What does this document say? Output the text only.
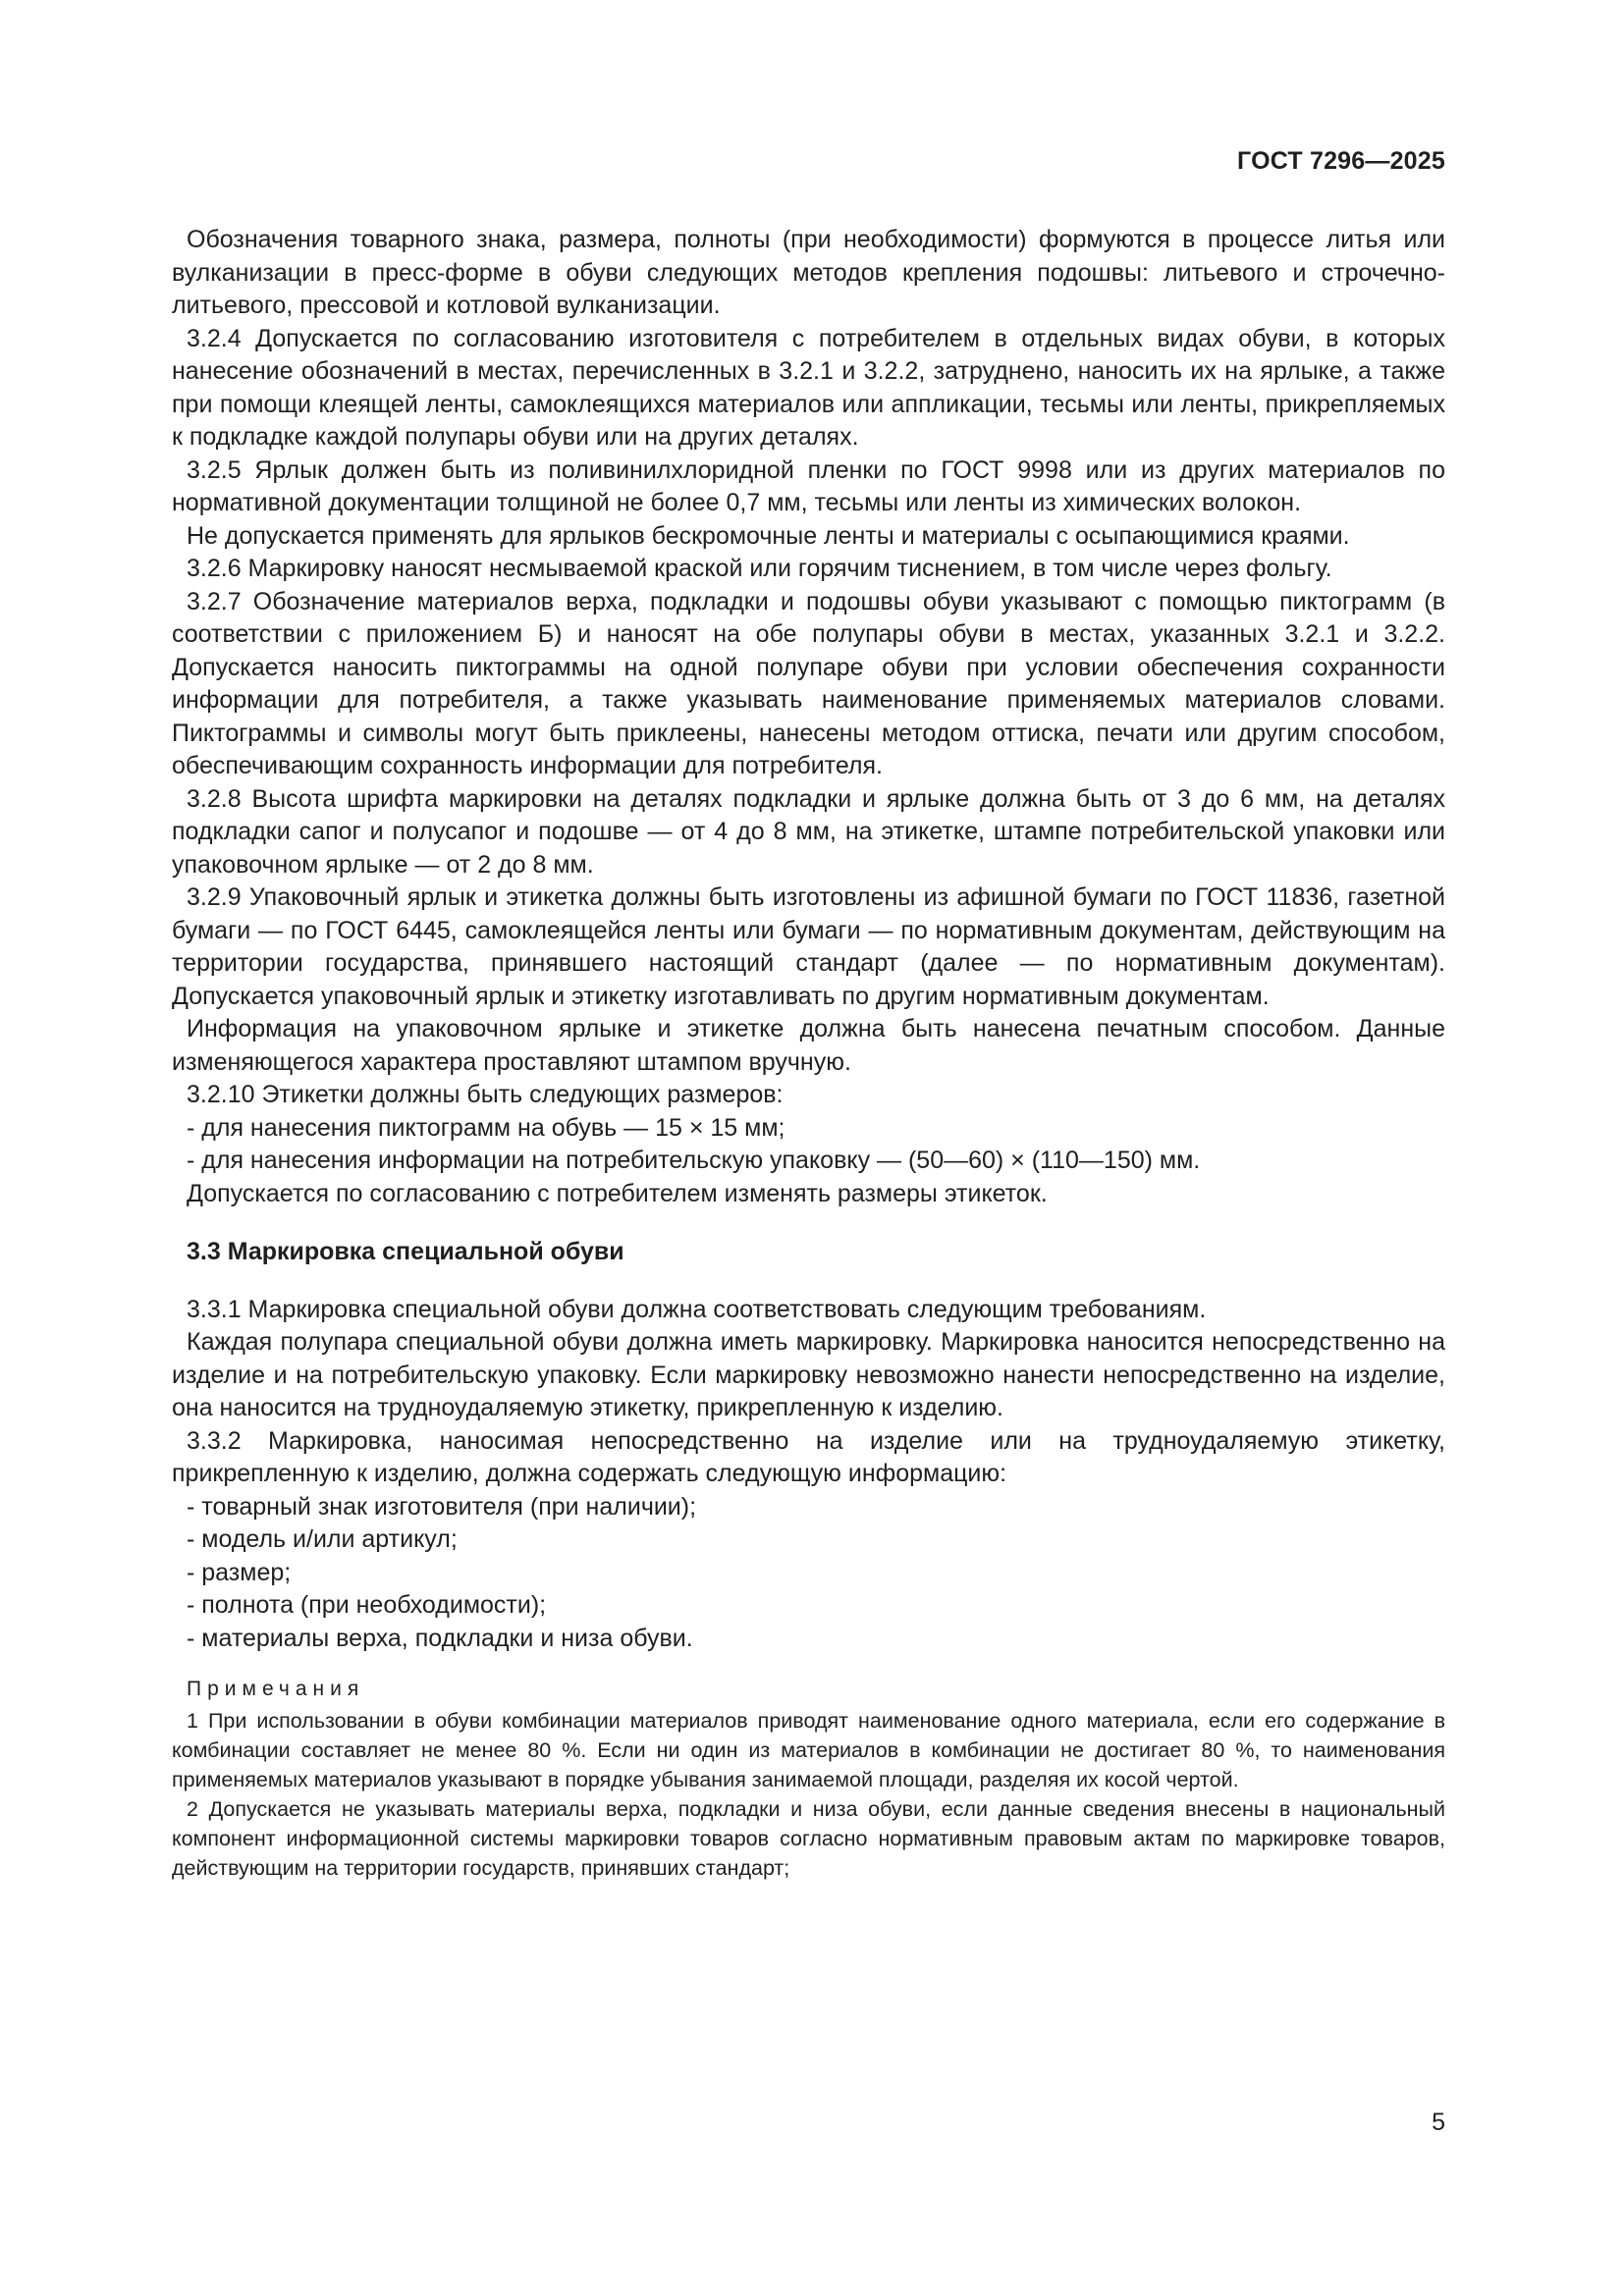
ГОСТ 7296—2025

Обозначения товарного знака, размера, полноты (при необходимости) формуются в процессе литья или вулканизации в пресс-форме в обуви следующих методов крепления подошвы: литьевого и строчечно-литьевого, прессовой и котловой вулканизации.

3.2.4 Допускается по согласованию изготовителя с потребителем в отдельных видах обуви, в которых нанесение обозначений в местах, перечисленных в 3.2.1 и 3.2.2, затруднено, наносить их на ярлыке, а также при помощи клеящей ленты, самоклеящихся материалов или аппликации, тесьмы или ленты, прикрепляемых к подкладке каждой полупары обуви или на других деталях.

3.2.5 Ярлык должен быть из поливинилхлоридной пленки по ГОСТ 9998 или из других материалов по нормативной документации толщиной не более 0,7 мм, тесьмы или ленты из химических волокон.

Не допускается применять для ярлыков бескромочные ленты и материалы с осыпающимися краями.

3.2.6 Маркировку наносят несмываемой краской или горячим тиснением, в том числе через фольгу.

3.2.7 Обозначение материалов верха, подкладки и подошвы обуви указывают с помощью пиктограмм (в соответствии с приложением Б) и наносят на обе полупары обуви в местах, указанных 3.2.1 и 3.2.2. Допускается наносить пиктограммы на одной полупаре обуви при условии обеспечения сохранности информации для потребителя, а также указывать наименование применяемых материалов словами. Пиктограммы и символы могут быть приклеены, нанесены методом оттиска, печати или другим способом, обеспечивающим сохранность информации для потребителя.

3.2.8 Высота шрифта маркировки на деталях подкладки и ярлыке должна быть от 3 до 6 мм, на деталях подкладки сапог и полусапог и подошве — от 4 до 8 мм, на этикетке, штампе потребительской упаковки или упаковочном ярлыке — от 2 до 8 мм.

3.2.9 Упаковочный ярлык и этикетка должны быть изготовлены из афишной бумаги по ГОСТ 11836, газетной бумаги — по ГОСТ 6445, самоклеящейся ленты или бумаги — по нормативным документам, действующим на территории государства, принявшего настоящий стандарт (далее — по нормативным документам). Допускается упаковочный ярлык и этикетку изготавливать по другим нормативным документам.

Информация на упаковочном ярлыке и этикетке должна быть нанесена печатным способом. Данные изменяющегося характера проставляют штампом вручную.

3.2.10 Этикетки должны быть следующих размеров:

- для нанесения пиктограмм на обувь — 15 × 15 мм;

- для нанесения информации на потребительскую упаковку — (50—60) × (110—150) мм.

Допускается по согласованию с потребителем изменять размеры этикеток.

3.3 Маркировка специальной обуви

3.3.1 Маркировка специальной обуви должна соответствовать следующим требованиям.

Каждая полупара специальной обуви должна иметь маркировку. Маркировка наносится непосредственно на изделие и на потребительскую упаковку. Если маркировку невозможно нанести непосредственно на изделие, она наносится на трудноудаляемую этикетку, прикрепленную к изделию.

3.3.2 Маркировка, наносимая непосредственно на изделие или на трудноудаляемую этикетку, прикрепленную к изделию, должна содержать следующую информацию:

- товарный знак изготовителя (при наличии);

- модель и/или артикул;

- размер;

- полнота (при необходимости);

- материалы верха, подкладки и низа обуви.

Примечания

1 При использовании в обуви комбинации материалов приводят наименование одного материала, если его содержание в комбинации составляет не менее 80 %. Если ни один из материалов в комбинации не достигает 80 %, то наименования применяемых материалов указывают в порядке убывания занимаемой площади, разделяя их косой чертой.

2 Допускается не указывать материалы верха, подкладки и низа обуви, если данные сведения внесены в национальный компонент информационной системы маркировки товаров согласно нормативным правовым актам по маркировке товаров, действующим на территории государств, принявших стандарт;

5
